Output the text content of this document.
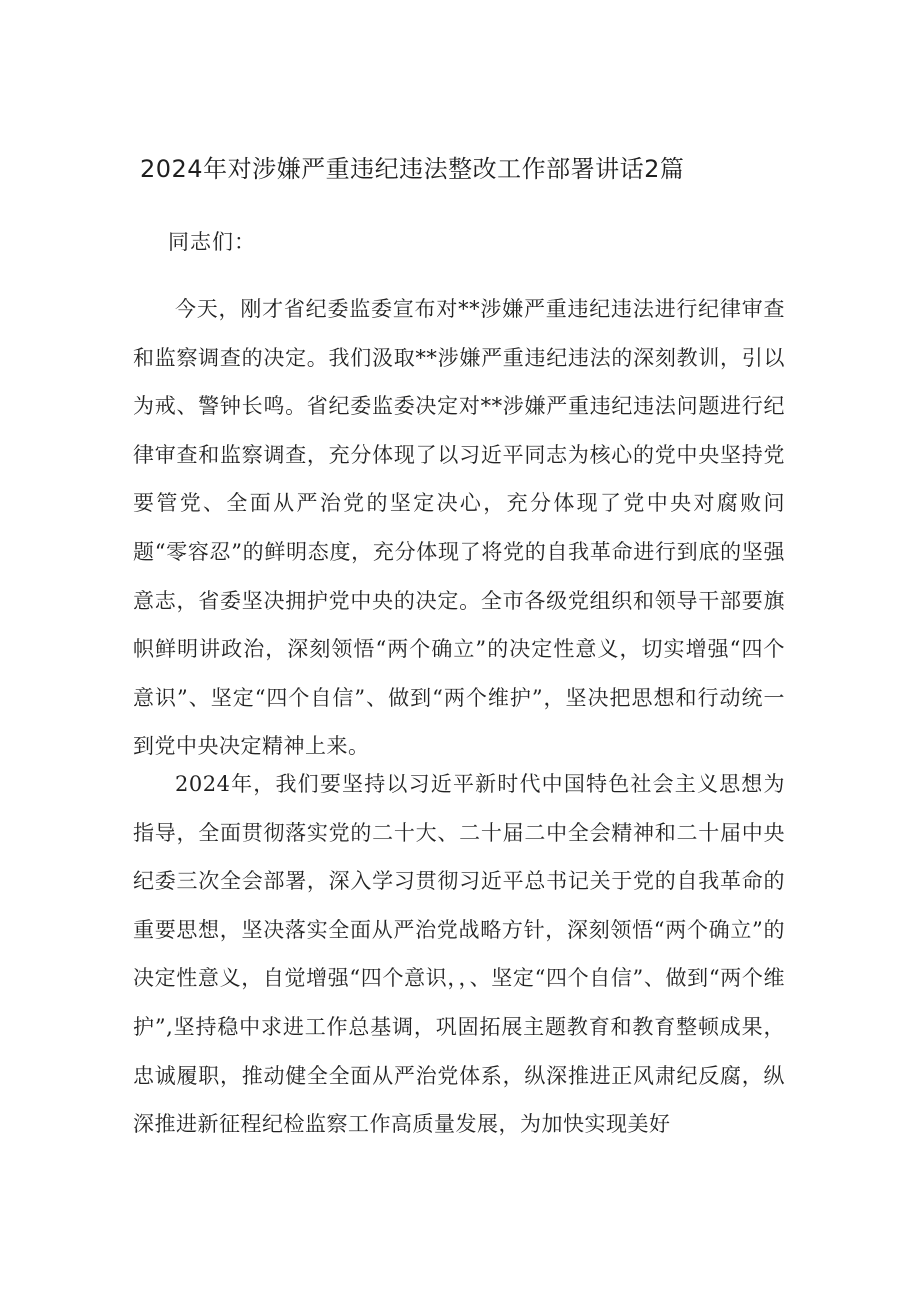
2024年对涉嫌严重违纪违法整改工作部署讲话2篇

同志们：

今天，刚才省纪委监委宣布对**涉嫌严重违纪违法进行纪律审查和监察调查的决定。我们汲取**涉嫌严重违纪违法的深刻教训，引以为戒、警钟长鸣。省纪委监委决定对**涉嫌严重违纪违法问题进行纪律审查和监察调查，充分体现了以习近平同志为核心的党中央坚持党要管党、全面从严治党的坚定决心，充分体现了党中央对腐败问题“零容忍”的鲜明态度，充分体现了将党的自我革命进行到底的坚强意志，省委坚决拥护党中央的决定。全市各级党组织和领导干部要旗帜鲜明讲政治，深刻领悟“两个确立”的决定性意义，切实增强“四个意识”、坚定“四个自信”、做到“两个维护”，坚决把思想和行动统一到党中央决定精神上来。

2024年，我们要坚持以习近平新时代中国特色社会主义思想为指导，全面贯彻落实党的二十大、二十届二中全会精神和二十届中央纪委三次全会部署，深入学习贯彻习近平总书记关于党的自我革命的重要思想，坚决落实全面从严治党战略方针，深刻领悟“两个确立”的决定性意义，自觉增强“四个意识，，、坚定“四个自信”、做到“两个维护”,坚持稳中求进工作总基调，巩固拓展主题教育和教育整顿成果，忠诚履职，推动健全全面从严治党体系，纵深推进正风肃纪反腐，纵深推进新征程纪检监察工作高质量发展，为加快实现美好
